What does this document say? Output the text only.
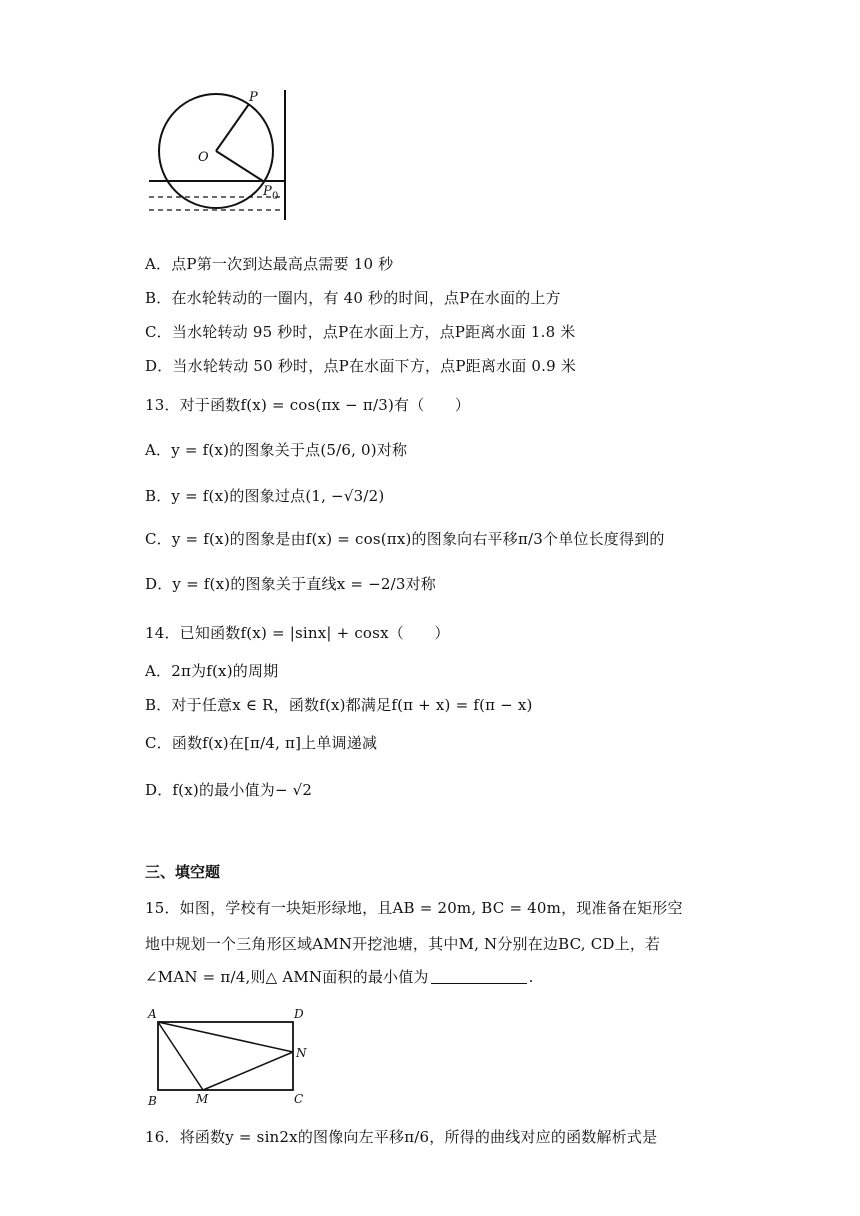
P
O
P 0
A．点P第一次到达最高点需要 10 秒
B．在水轮转动的一圈内，有 40 秒的时间，点P在水面的上方
C．当水轮转动 95 秒时，点P在水面上方，点P距离水面 1.8 米
D．当水轮转动 50 秒时，点P在水面下方，点P距离水面 0.9 米
13．对于函数f(x) = cos(πx − π/3)有（　　）
A．y = f(x)的图象关于点(5/6, 0)对称
B．y = f(x)的图象过点(1, −√3/2)
C．y = f(x)的图象是由f(x) = cos(πx)的图象向右平移π/3个单位长度得到的
D．y = f(x)的图象关于直线x = −2/3对称
14．已知函数f(x) = |sinx| + cosx（　　）
A．2π为f(x)的周期
B．对于任意x ∈ R，函数f(x)都满足f(π + x) = f(π − x)
C．函数f(x)在[π/4, π]上单调递减
D．f(x)的最小值为− √2
三、填空题
15．如图，学校有一块矩形绿地，且AB = 20m, BC = 40m，现准备在矩形空
地中规划一个三角形区域AMN开挖池塘，其中M, N分别在边BC, CD上，若
∠MAN = π/4,则△ AMN面积的最小值为	.
A	D
N
B	M	C
16．将函数y = sin2x的图像向左平移π/6，所得的曲线对应的函数解析式是
